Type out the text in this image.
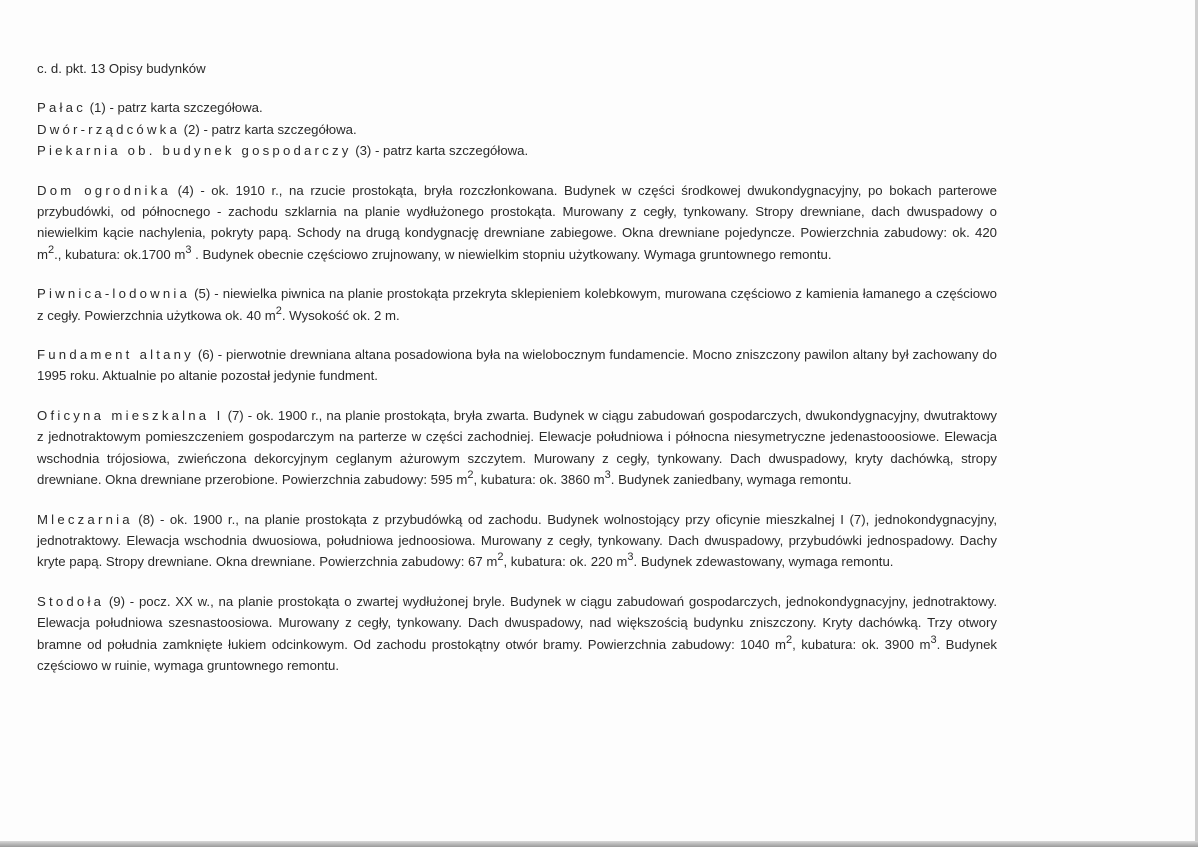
c. d. pkt. 13 Opisy budynków

Pałac (1) - patrz karta szczegółowa.

Dwór-rządcówka (2) - patrz karta szczegółowa.

Piekarnia ob. budynek gospodarczy (3) - patrz karta szczegółowa.

Dom ogrodnika (4) - ok. 1910 r., na rzucie prostokąta, bryła rozczłonkowana. Budynek w części środkowej dwukondygnacyjny, po bokach parterowe przybudówki, od północnego - zachodu szklarnia na planie wydłużonego prostokąta. Murowany z cegły, tynkowany. Stropy drewniane, dach dwuspadowy o niewielkim kącie nachylenia, pokryty papą. Schody na drugą kondygnację drewniane zabiegowe. Okna drewniane pojedyncze. Powierzchnia zabudowy: ok. 420 $m^2$., kubatura: ok.1700 $m^3$ . Budynek obecnie częściowo zrujnowany, w niewielkim stopniu użytkowany. Wymaga gruntownego remontu.

Piwnica-lodownia (5) - niewielka piwnica na planie prostokąta przekryta sklepieniem kolebkowym, murowana częściowo z kamienia łamanego a częściowo z cegły. Powierzchnia użytkowa ok. 40 $m^2$. Wysokość ok. 2 m.

Fundament altany (6) - pierwotnie drewniana altana posadowiona była na wielobocznym fundamencie. Mocno zniszczony pawilon altany był zachowany do 1995 roku. Aktualnie po altanie pozostał jedynie fundment.

Oficyna mieszkalna I (7) - ok. 1900 r., na planie prostokąta, bryła zwarta. Budynek w ciągu zabudowań gospodarczych, dwukondygnacyjny, dwutraktowy z jednotraktowym pomieszczeniem gospodarczym na parterze w części zachodniej. Elewacje południowa i północna niesymetryczne jedenastooosiowe. Elewacja wschodnia trójosiowa, zwieńczona dekorcyjnym ceglanym ażurowym szczytem. Murowany z cegły, tynkowany. Dach dwuspadowy, kryty dachówką, stropy drewniane. Okna drewniane przerobione. Powierzchnia zabudowy: 595 $m^2$, kubatura: ok. 3860 $m^3$. Budynek zaniedbany, wymaga remontu.

Mleczarnia (8) - ok. 1900 r., na planie prostokąta z przybudówką od zachodu. Budynek wolnostojący przy oficynie mieszkalnej I (7), jednokondygnacyjny, jednotraktowy. Elewacja wschodnia dwuosiowa, południowa jednoosiowa. Murowany z cegły, tynkowany. Dach dwuspadowy, przybudówki jednospadowy. Dachy kryte papą. Stropy drewniane. Okna drewniane. Powierzchnia zabudowy: 67 $m^2$, kubatura: ok. 220 $m^3$. Budynek zdewastowany, wymaga remontu.

Stodoła (9) - pocz. XX w., na planie prostokąta o zwartej wydłużonej bryle. Budynek w ciągu zabudowań gospodarczych, jednokondygnacyjny, jednotraktowy. Elewacja południowa szesnastoosiowa. Murowany z cegły, tynkowany. Dach dwuspadowy, nad większością budynku zniszczony. Kryty dachówką. Trzy otwory bramne od południa zamknięte łukiem odcinkowym. Od zachodu prostokątny otwór bramy. Powierzchnia zabudowy: 1040 $m^2$, kubatura: ok. 3900 $m^3$. Budynek częściowo w ruinie, wymaga gruntownego remontu.
